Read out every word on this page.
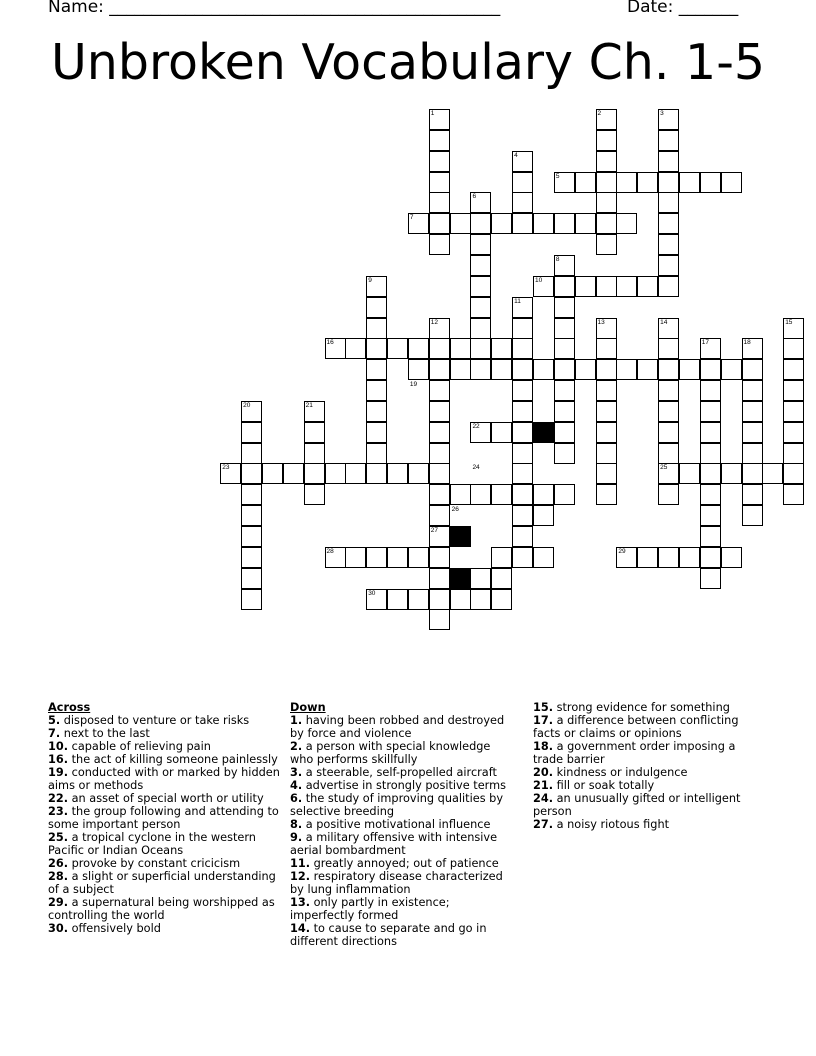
Name: ______________________________________________	Date: _______
Unbroken Vocabulary Ch. 1-5
1	2	3
4
5
6
7
8
9	10
11
12	13	14	15
16	17	18
19
20	21
22
23	24	25
26
27
28	29
30
Across
5. disposed to venture or take risks
7. next to the last
10. capable of relieving pain
16. the act of killing someone painlessly
19. conducted with or marked by hidden aims or methods
22. an asset of special worth or utility
23. the group following and attending to some important person
25. a tropical cyclone in the western Pacific or Indian Oceans
26. provoke by constant cricicism
28. a slight or superficial understanding of a subject
29. a supernatural being worshipped as controlling the world
30. offensively bold
Down
1. having been robbed and destroyed by force and violence
2. a person with special knowledge who performs skillfully
3. a steerable, self-propelled aircraft
4. advertise in strongly positive terms
6. the study of improving qualities by selective breeding
8. a positive motivational influence
9. a military offensive with intensive aerial bombardment
11. greatly annoyed; out of patience
12. respiratory disease characterized by lung inflammation
13. only partly in existence; imperfectly formed
14. to cause to separate and go in different directions
15. strong evidence for something
17. a difference between conflicting facts or claims or opinions
18. a government order imposing a trade barrier
20. kindness or indulgence
21. fill or soak totally
24. an unusually gifted or intelligent person
27. a noisy riotous fight
